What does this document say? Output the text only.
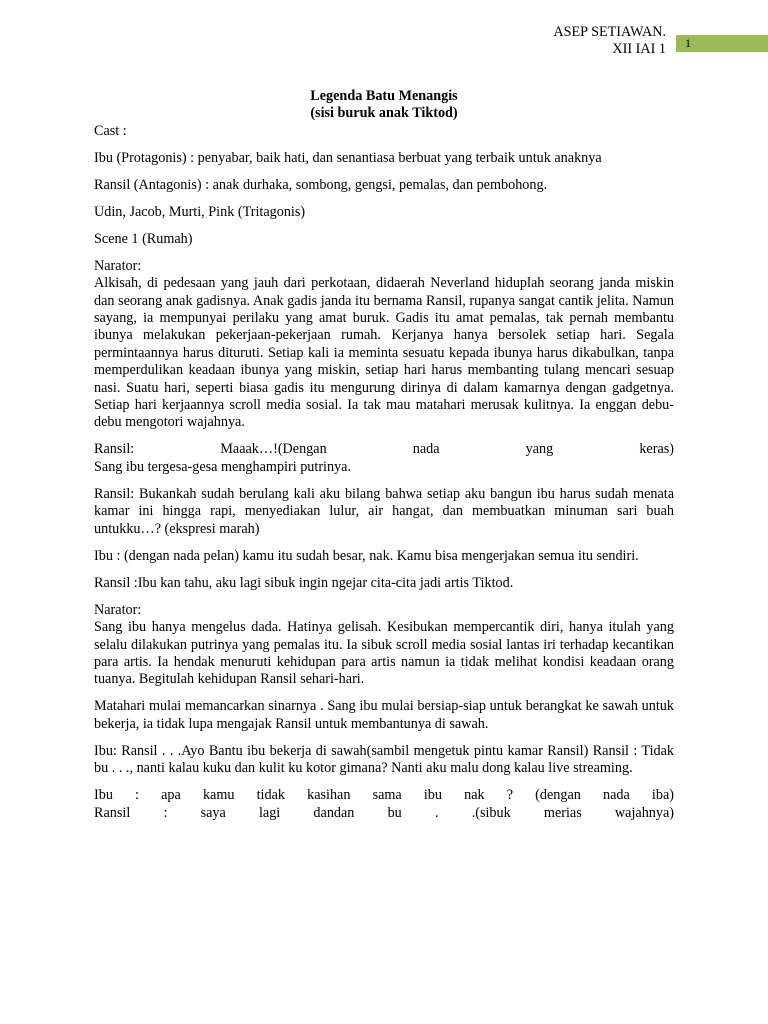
ASEP SETIAWAN.
XII IAI 1	1
Legenda Batu Menangis
(sisi buruk anak Tiktod)

Cast :

Ibu (Protagonis) : penyabar, baik hati, dan senantiasa berbuat yang terbaik untuk anaknya

Ransil (Antagonis) : anak durhaka, sombong, gengsi, pemalas, dan pembohong.

Udin, Jacob, Murti, Pink (Tritagonis)

Scene 1 (Rumah)

Narator:
Alkisah, di pedesaan yang jauh dari perkotaan, didaerah Neverland hiduplah seorang janda miskin dan seorang anak gadisnya. Anak gadis janda itu bernama Ransil, rupanya sangat cantik jelita. Namun sayang, ia mempunyai perilaku yang amat buruk. Gadis itu amat pemalas, tak pernah membantu ibunya melakukan pekerjaan-pekerjaan rumah. Kerjanya hanya bersolek setiap hari. Segala permintaannya harus dituruti. Setiap kali ia meminta sesuatu kepada ibunya harus dikabulkan, tanpa memperdulikan keadaan ibunya yang miskin, setiap hari harus membanting tulang mencari sesuap nasi. Suatu hari, seperti biasa gadis itu mengurung dirinya di dalam kamarnya dengan gadgetnya. Setiap hari kerjaannya scroll media sosial. Ia tak mau matahari merusak kulitnya. Ia enggan debu-debu mengotori wajahnya.

Ransil: Maaak…!(Dengan nada yang keras)
Sang ibu tergesa-gesa menghampiri putrinya.

Ransil: Bukankah sudah berulang kali aku bilang bahwa setiap aku bangun ibu harus sudah menata kamar ini hingga rapi, menyediakan lulur, air hangat, dan membuatkan minuman sari buah untukku…? (ekspresi marah)

Ibu : (dengan nada pelan) kamu itu sudah besar, nak. Kamu bisa mengerjakan semua itu sendiri.

Ransil :Ibu kan tahu, aku lagi sibuk ingin ngejar cita-cita jadi artis Tiktod.

Narator:
Sang ibu hanya mengelus dada. Hatinya gelisah. Kesibukan mempercantik diri, hanya itulah yang selalu dilakukan putrinya yang pemalas itu. Ia sibuk scroll media sosial lantas iri terhadap kecantikan para artis. Ia hendak menuruti kehidupan para artis namun ia tidak melihat kondisi keadaan orang tuanya. Begitulah kehidupan Ransil sehari-hari.

Matahari mulai memancarkan sinarnya . Sang ibu mulai bersiap-siap untuk berangkat ke sawah untuk bekerja, ia tidak lupa mengajak Ransil untuk membantunya di sawah.

Ibu: Ransil . . .Ayo Bantu ibu bekerja di sawah(sambil mengetuk pintu kamar Ransil) Ransil : Tidak bu . . ., nanti kalau kuku dan kulit ku kotor gimana? Nanti aku malu dong kalau live streaming.

Ibu : apa kamu tidak kasihan sama ibu nak ? (dengan nada iba)
Ransil : saya lagi dandan bu . .(sibuk merias wajahnya)
